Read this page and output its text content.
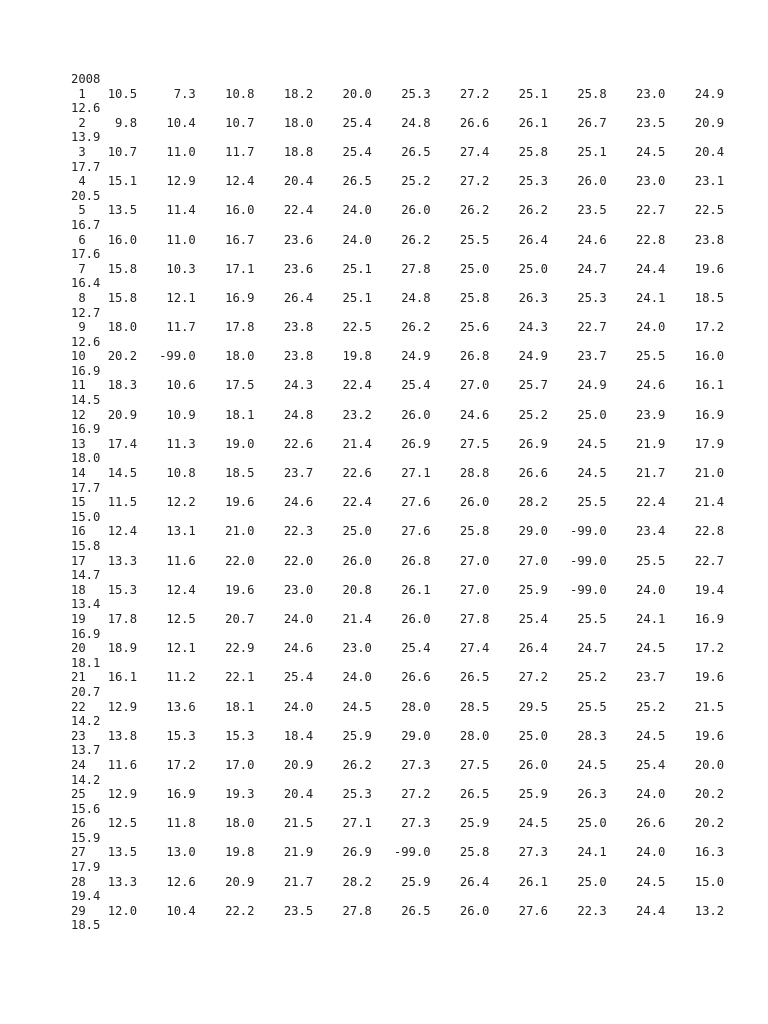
2008
1   10.5     7.3    10.8    18.2    20.0    25.3    27.2    25.1    25.8    23.0    24.9
12.6
2    9.8    10.4    10.7    18.0    25.4    24.8    26.6    26.1    26.7    23.5    20.9
13.9
3   10.7    11.0    11.7    18.8    25.4    26.5    27.4    25.8    25.1    24.5    20.4
17.7
4   15.1    12.9    12.4    20.4    26.5    25.2    27.2    25.3    26.0    23.0    23.1
20.5
5   13.5    11.4    16.0    22.4    24.0    26.0    26.2    26.2    23.5    22.7    22.5
16.7
6   16.0    11.0    16.7    23.6    24.0    26.2    25.5    26.4    24.6    22.8    23.8
17.6
7   15.8    10.3    17.1    23.6    25.1    27.8    25.0    25.0    24.7    24.4    19.6
16.4
8   15.8    12.1    16.9    26.4    25.1    24.8    25.8    26.3    25.3    24.1    18.5
12.7
9   18.0    11.7    17.8    23.8    22.5    26.2    25.6    24.3    22.7    24.0    17.2
12.6
10   20.2   -99.0    18.0    23.8    19.8    24.9    26.8    24.9    23.7    25.5    16.0
16.9
11   18.3    10.6    17.5    24.3    22.4    25.4    27.0    25.7    24.9    24.6    16.1
14.5
12   20.9    10.9    18.1    24.8    23.2    26.0    24.6    25.2    25.0    23.9    16.9
16.9
13   17.4    11.3    19.0    22.6    21.4    26.9    27.5    26.9    24.5    21.9    17.9
18.0
14   14.5    10.8    18.5    23.7    22.6    27.1    28.8    26.6    24.5    21.7    21.0
17.7
15   11.5    12.2    19.6    24.6    22.4    27.6    26.0    28.2    25.5    22.4    21.4
15.0
16   12.4    13.1    21.0    22.3    25.0    27.6    25.8    29.0   -99.0    23.4    22.8
15.8
17   13.3    11.6    22.0    22.0    26.0    26.8    27.0    27.0   -99.0    25.5    22.7
14.7
18   15.3    12.4    19.6    23.0    20.8    26.1    27.0    25.9   -99.0    24.0    19.4
13.4
19   17.8    12.5    20.7    24.0    21.4    26.0    27.8    25.4    25.5    24.1    16.9
16.9
20   18.9    12.1    22.9    24.6    23.0    25.4    27.4    26.4    24.7    24.5    17.2
18.1
21   16.1    11.2    22.1    25.4    24.0    26.6    26.5    27.2    25.2    23.7    19.6
20.7
22   12.9    13.6    18.1    24.0    24.5    28.0    28.5    29.5    25.5    25.2    21.5
14.2
23   13.8    15.3    15.3    18.4    25.9    29.0    28.0    25.0    28.3    24.5    19.6
13.7
24   11.6    17.2    17.0    20.9    26.2    27.3    27.5    26.0    24.5    25.4    20.0
14.2
25   12.9    16.9    19.3    20.4    25.3    27.2    26.5    25.9    26.3    24.0    20.2
15.6
26   12.5    11.8    18.0    21.5    27.1    27.3    25.9    24.5    25.0    26.6    20.2
15.9
27   13.5    13.0    19.8    21.9    26.9   -99.0    25.8    27.3    24.1    24.0    16.3
17.9
28   13.3    12.6    20.9    21.7    28.2    25.9    26.4    26.1    25.0    24.5    15.0
19.4
29   12.0    10.4    22.2    23.5    27.8    26.5    26.0    27.6    22.3    24.4    13.2
18.5
